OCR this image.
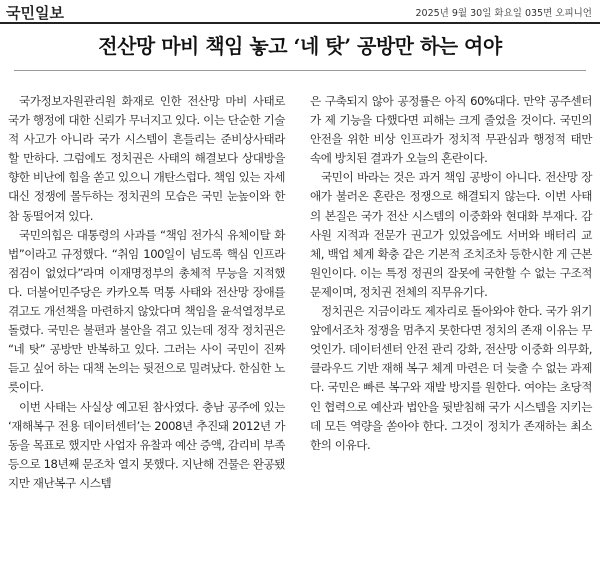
국민일보	2025년 9월 30일 화요일 035면 오피니언
전산망 마비 책임 놓고 ‘네 탓’ 공방만 하는 여야

국가정보자원관리원 화재로 인한 전산망 마비 사태로 국가 행정에 대한 신뢰가 무너지고 있다. 이는 단순한 기술적 사고가 아니라 국가 시스템이 흔들리는 준비상사태라 할 만하다. 그럼에도 정치권은 사태의 해결보다 상대방을 향한 비난에 힘을 쏟고 있으니 개탄스럽다. 책임 있는 자세 대신 정쟁에 몰두하는 정치권의 모습은 국민 눈높이와 한참 동떨어져 있다.

국민의힘은 대통령의 사과를 “책임 전가식 유체이탈 화법”이라고 규정했다. “취임 100일이 넘도록 핵심 인프라 점검이 없었다”라며 이재명정부의 총체적 무능을 지적했다. 더불어민주당은 카카오톡 먹통 사태와 전산망 장애를 겪고도 개선책을 마련하지 않았다며 책임을 윤석열정부로 돌렸다. 국민은 불편과 불안을 겪고 있는데 정작 정치권은 “네 탓” 공방만 반복하고 있다. 그러는 사이 국민이 진짜 듣고 싶어 하는 대책 논의는 뒷전으로 밀려났다. 한심한 노릇이다.

이번 사태는 사실상 예고된 참사였다. 충남 공주에 있는 ‘재해복구 전용 데이터센터’는 2008년 추진돼 2012년 가동을 목표로 했지만 사업자 유찰과 예산 증액, 감리비 부족 등으로 18년째 문조차 열지 못했다. 지난해 건물은 완공됐지만 재난복구 시스템

은 구축되지 않아 공정률은 아직 60%대다. 만약 공주센터가 제 기능을 다했다면 피해는 크게 줄었을 것이다. 국민의 안전을 위한 비상 인프라가 정치적 무관심과 행정적 태만 속에 방치된 결과가 오늘의 혼란이다.

국민이 바라는 것은 과거 책임 공방이 아니다. 전산망 장애가 불러온 혼란은 정쟁으로 해결되지 않는다. 이번 사태의 본질은 국가 전산 시스템의 이중화와 현대화 부재다. 감사원 지적과 전문가 권고가 있었음에도 서버와 배터리 교체, 백업 체계 확충 같은 기본적 조치조차 등한시한 게 근본 원인이다. 이는 특정 정권의 잘못에 국한할 수 없는 구조적 문제이며, 정치권 전체의 직무유기다.

정치권은 지금이라도 제자리로 돌아와야 한다. 국가 위기 앞에서조차 정쟁을 멈추지 못한다면 정치의 존재 이유는 무엇인가. 데이터센터 안전 관리 강화, 전산망 이중화 의무화, 클라우드 기반 재해 복구 체계 마련은 더 늦출 수 없는 과제다. 국민은 빠른 복구와 재발 방지를 원한다. 여야는 초당적인 협력으로 예산과 법안을 뒷받침해 국가 시스템을 지키는 데 모든 역량을 쏟아야 한다. 그것이 정치가 존재하는 최소한의 이유다.
